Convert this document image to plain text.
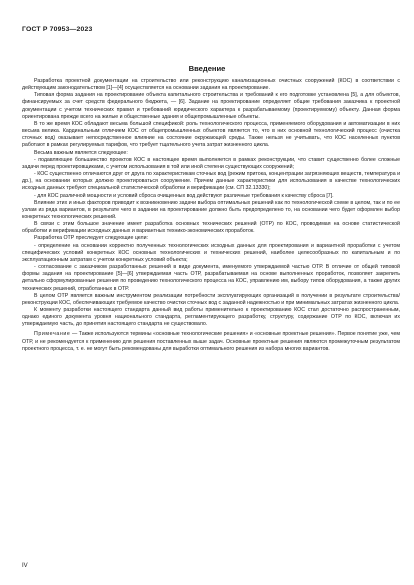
ГОСТ Р 70953—2023
Введение

Разработка проектной документации на строительство или реконструкцию канализационных очистных сооружений (КОС) в соответствии с действующим законодательством [1]—[4] осуществляется на основании задания на проектирование.

Типовая форма задания на проектирование объекта капитального строительства и требований к его подготовке установлена [5], а для объектов, финансируемых за счет средств федерального бюджета, — [6]. Задание на проектирование определяет общие требования заказчика к проектной документации с учетом технических правил и требований юридического характера к разрабатываемому (проектируемому) объекту. Данная форма ориентирована прежде всего на жилые и общественные здания и общепромышленные объекты.

В то же время КОС обладают весьма большой спецификой: роль технологического процесса, применяемого оборудования и автоматизации в них весьма велика. Кардинальным отличием КОС от общепромышленных объектов является то, что в них основной технологический процесс (очистка сточных вод) оказывает непосредственное влияние на состояние окружающей среды. Также нельзя не учитывать, что КОС населенных пунктов работают в рамках регулируемых тарифов, что требует тщательного учета затрат жизненного цикла.

Весьма важным является следующее:

- подавляющее большинство проектов КОС в настоящее время выполняется в рамках реконструкции, что ставит существенно более сложные задачи перед проектировщиками, с учетом использования в той или иной степени существующих сооружений;

- КОС существенно отличаются друг от друга по характеристикам сточных вод (режим притока, концентрации загрязняющих веществ, температура и др.), на основании которых должно проектироваться сооружение. Причем данные характеристики для использования в качестве технологических исходных данных требуют специальной статистической обработки и верификации (см. СП 32.13330);

- для КОС различной мощности и условий сброса очищенных вод действуют различные требования к качеству сброса [7].

Влияние этих и иных факторов приводит к возникновению задачи выбора оптимальных решений как по технологической схеме в целом, так и по ее узлам из ряда вариантов, в результате чего в задании на проектирование должно быть предопределено то, на основании чего будет оформлен выбор конкретных технологических решений.

В связи с этим большое значение имеет разработка основных технических решений (ОТР) по КОС, проводимая на основе статистической обработки и верификации исходных данных и вариантных технико-экономических проработок.

Разработка ОТР преследует следующие цели:

- определение на основании корректно полученных технологических исходных данных для проектирования и вариантной проработки с учетом специфических условий конкретных КОС основных технологических и технических решений, наиболее целесообразных по капитальным и по эксплуатационным затратам с учетом конкретных условий объекта;

- согласование с заказчиком разработанных решений в виде документа, именуемого утверждаемой частью ОТР. В отличие от общей типовой формы задания на проектирование [5]—[6] утверждаемая часть ОТР, разрабатываемая на основе выполненных проработок, позволяет закрепить детально сформулированные решения по проведению технологического процесса на КОС, управлению им, выбору типов оборудования, а также других технических решений, отработанных в ОТР.

В целом ОТР является важным инструментом реализации потребности эксплуатирующих организаций в получении в результате строительства/реконструкции КОС, обеспечивающих требуемое качество очистки сточных вод с заданной надежностью и при минимальных затратах жизненного цикла.

К моменту разработки настоящего стандарта данный вид работы применительно к проектированию КОС стал достаточно распространенным, однако единого документа уровня национального стандарта, регламентирующего разработку, структуру, содержание ОТР по КОС, включая их утверждаемую часть, до принятия настоящего стандарта не существовало.

Примечание — Также используются термины «основные технологические решения» и «основные проектные решения». Первое понятие уже, чем ОТР, и не рекомендуется к применению для решения поставленных выше задач. Основные проектные решения являются промежуточным результатом проектного процесса, т. е. не могут быть рекомендованы для выработки оптимального решения из набора многих вариантов.

IV
